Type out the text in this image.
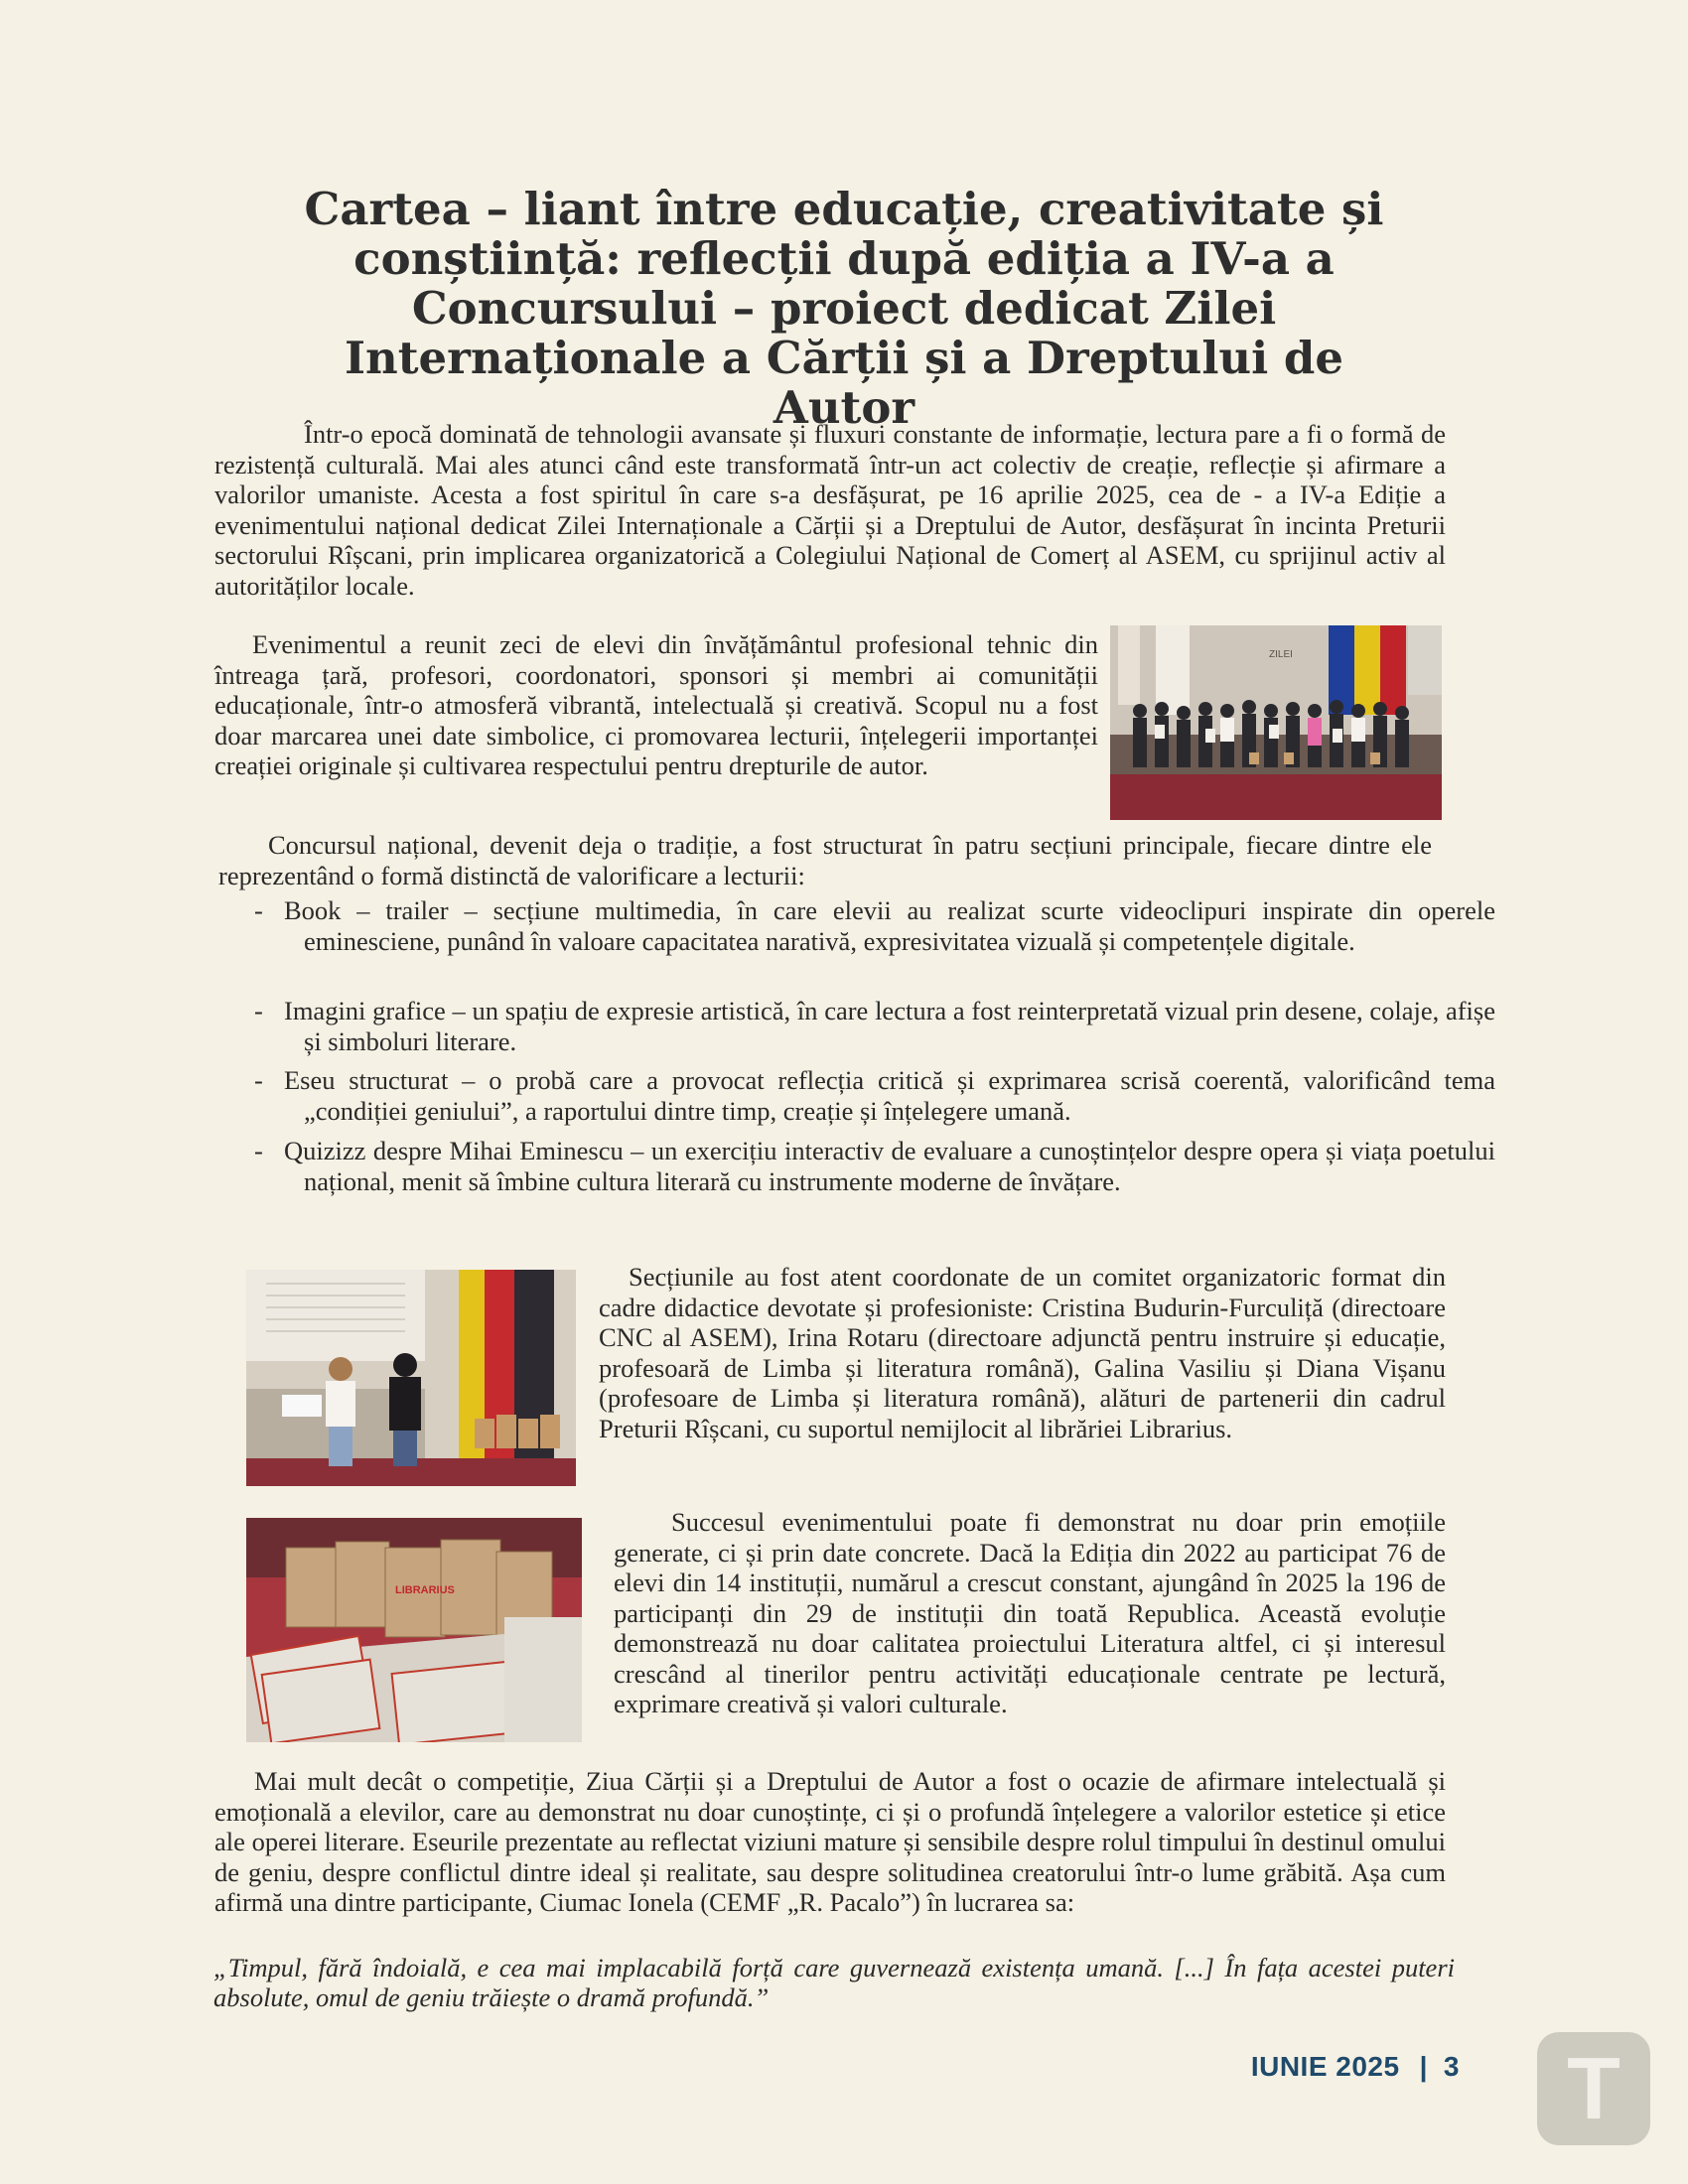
Cartea – liant între educație, creativitate și conștiință: reflecții după ediția a IV-a a Concursului – proiect dedicat Zilei Internaționale a Cărții și a Dreptului de Autor

Într-o epocă dominată de tehnologii avansate și fluxuri constante de informație, lectura pare a fi o formă de rezistență culturală. Mai ales atunci când este transformată într-un act colectiv de creație, reflecție și afirmare a valorilor umaniste. Acesta a fost spiritul în care s-a desfășurat, pe 16 aprilie 2025, cea de - a IV-a Ediție a evenimentului național dedicat Zilei Internaționale a Cărții și a Dreptului de Autor, desfășurat în incinta Preturii sectorului Rîșcani, prin implicarea organizatorică a Colegiului Național de Comerț al ASEM, cu sprijinul activ al autorităților locale.

Evenimentul a reunit zeci de elevi din învățământul profesional tehnic din întreaga țară, profesori, coordonatori, sponsori și membri ai comunității educaționale, într-o atmosferă vibrantă, intelectuală și creativă. Scopul nu a fost doar marcarea unei date simbolice, ci promovarea lecturii, înțelegerii importanței creației originale și cultivarea respectului pentru drepturile de autor.

ZILEI

Concursul național, devenit deja o tradiție, a fost structurat în patru secțiuni principale, fiecare dintre ele reprezentând o formă distinctă de valorificare a lecturii:

- Book – trailer – secțiune multimedia, în care elevii au realizat scurte videoclipuri inspirate din operele eminesciene, punând în valoare capacitatea narativă, expresivitatea vizuală și competențele digitale.

- Imagini grafice – un spațiu de expresie artistică, în care lectura a fost reinterpretată vizual prin desene, colaje, afișe și simboluri literare.

- Eseu structurat – o probă care a provocat reflecția critică și exprimarea scrisă coerentă, valorificând tema „condiției geniului”, a raportului dintre timp, creație și înțelegere umană.

- Quizizz despre Mihai Eminescu – un exercițiu interactiv de evaluare a cunoștințelor despre opera și viața poetului național, menit să îmbine cultura literară cu instrumente moderne de învățare.

Secțiunile au fost atent coordonate de un comitet organizatoric format din cadre didactice devotate și profesioniste: Cristina Budurin-Furculiță (directoare CNC al ASEM), Irina Rotaru (directoare adjunctă pentru instruire și educație, profesoară de Limba și literatura română), Galina Vasiliu și Diana Vișanu (profesoare de Limba și literatura română), alături de partenerii din cadrul Preturii Rîșcani, cu suportul nemijlocit al librăriei Librarius.

LIBRARIUS

Succesul evenimentului poate fi demonstrat nu doar prin emoțiile generate, ci și prin date concrete. Dacă la Ediția din 2022 au participat 76 de elevi din 14 instituții, numărul a crescut constant, ajungând în 2025 la 196 de participanți din 29 de instituții din toată Republica. Această evoluție demonstrează nu doar calitatea proiectului Literatura altfel, ci și interesul crescând al tinerilor pentru activități educaționale centrate pe lectură, exprimare creativă și valori culturale.

Mai mult decât o competiție, Ziua Cărții și a Dreptului de Autor a fost o ocazie de afirmare intelectuală și emoțională a elevilor, care au demonstrat nu doar cunoștințe, ci și o profundă înțelegere a valorilor estetice și etice ale operei literare. Eseurile prezentate au reflectat viziuni mature și sensibile despre rolul timpului în destinul omului de geniu, despre conflictul dintre ideal și realitate, sau despre solitudinea creatorului într-o lume grăbită. Așa cum afirmă una dintre participante, Ciumac Ionela (CEMF „R. Pacalo”) în lucrarea sa:

„Timpul, fără îndoială, e cea mai implacabilă forță care guvernează existența umană. [...] În fața acestei puteri absolute, omul de geniu trăiește o dramă profundă.”

IUNIE 2025 | 3 T
